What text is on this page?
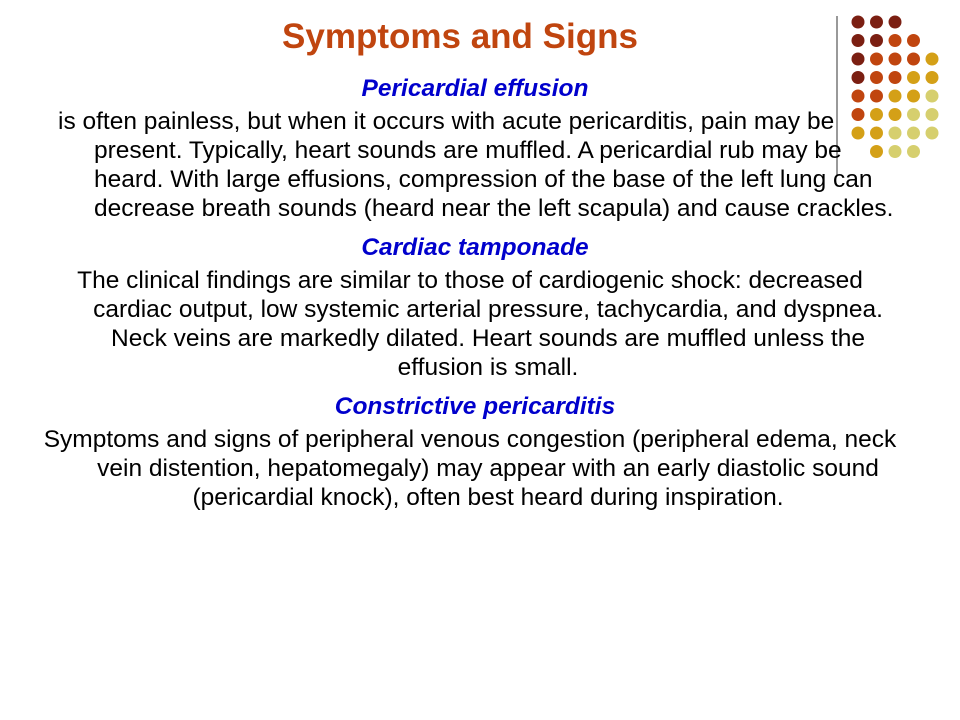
Symptoms and Signs
Pericardial effusion
is often painless, but when it occurs with acute pericarditis, pain may be present. Typically, heart sounds are muffled. A pericardial rub may be heard. With large effusions, compression of the base of the left lung can decrease breath sounds (heard near the left scapula) and cause crackles.
Cardiac tamponade
The clinical findings are similar to those of cardiogenic shock: decreased cardiac output, low systemic arterial pressure, tachycardia, and dyspnea. Neck veins are markedly dilated. Heart sounds are muffled unless the effusion is small.
Constrictive pericarditis
Symptoms and signs of peripheral venous congestion (peripheral edema, neck vein distention, hepatomegaly) may appear with an early diastolic sound (pericardial knock), often best heard during inspiration.
